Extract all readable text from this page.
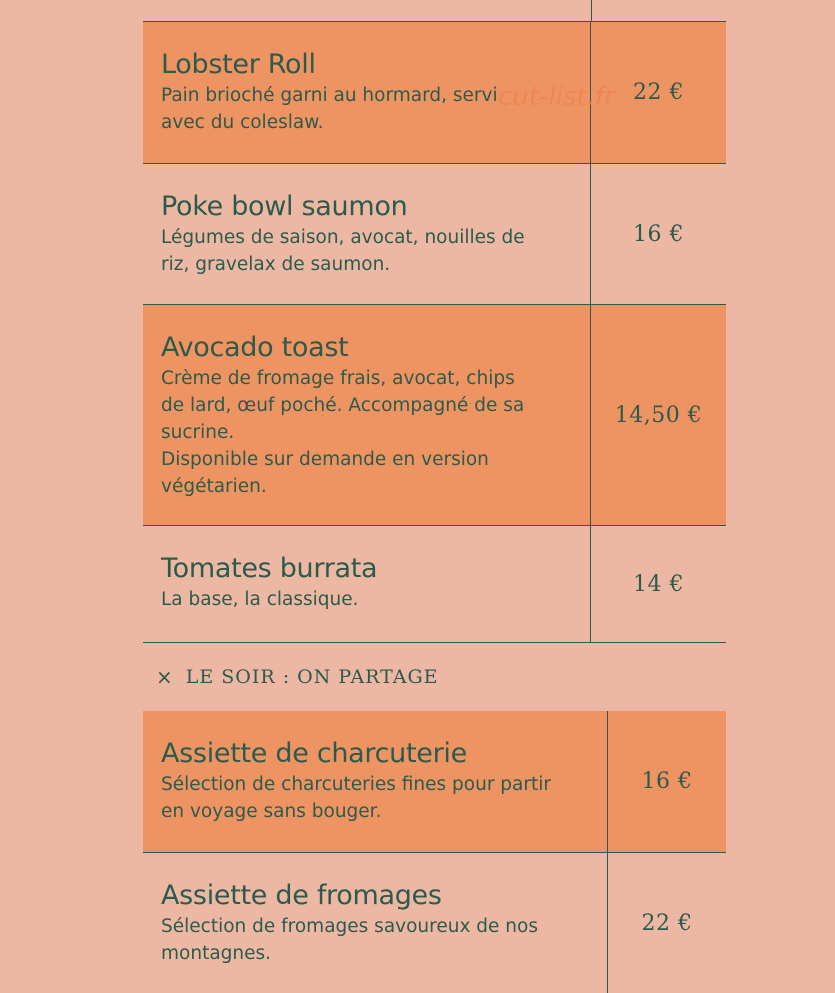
Lobster Roll
Pain brioché garni au hormard, servi
avec du coleslaw.
22 €
Poke bowl saumon
Légumes de saison, avocat, nouilles de
riz, gravelax de saumon.
16 €
Avocado toast
Crème de fromage frais, avocat, chips
de lard, œuf poché. Accompagné de sa
sucrine.
Disponible sur demande en version
végétarien.
14,50 €
Tomates burrata
La base, la classique.
14 €
× LE SOIR : ON PARTAGE
Assiette de charcuterie
Sélection de charcuteries fines pour partir
en voyage sans bouger.
16 €
Assiette de fromages
Sélection de fromages savoureux de nos
montagnes.
22 €
cut-list.fr
